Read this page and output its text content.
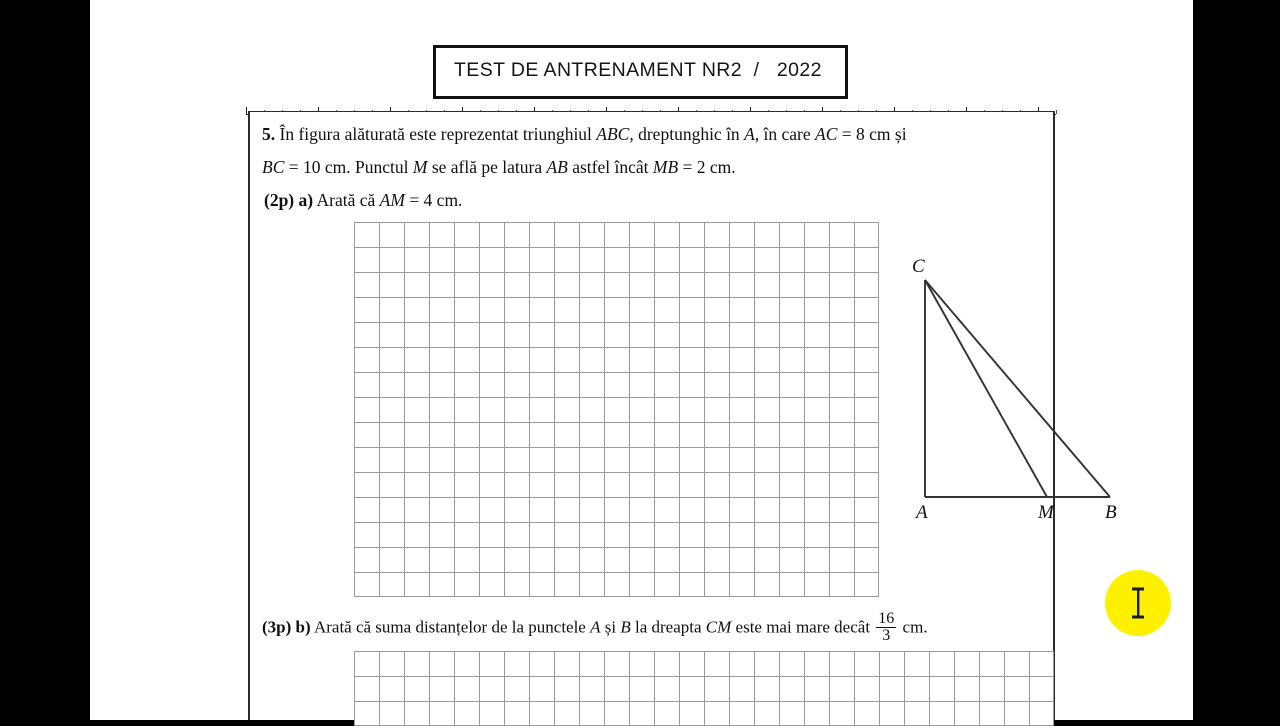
TEST DE ANTRENAMENT NR2  /   2022
5. În figura alăturată este reprezentat triunghiul ABC, dreptunghic în A, în care AC = 8 cm și
BC = 10 cm. Punctul M se află pe latura AB astfel încât MB = 2 cm.
(2p) a) Arată că AM = 4 cm.
C
A	M	B
(3p) b) Arată că suma distanțelor de la punctele A și B la dreapta CM este mai mare decât $\frac{16}{3}$ cm.
